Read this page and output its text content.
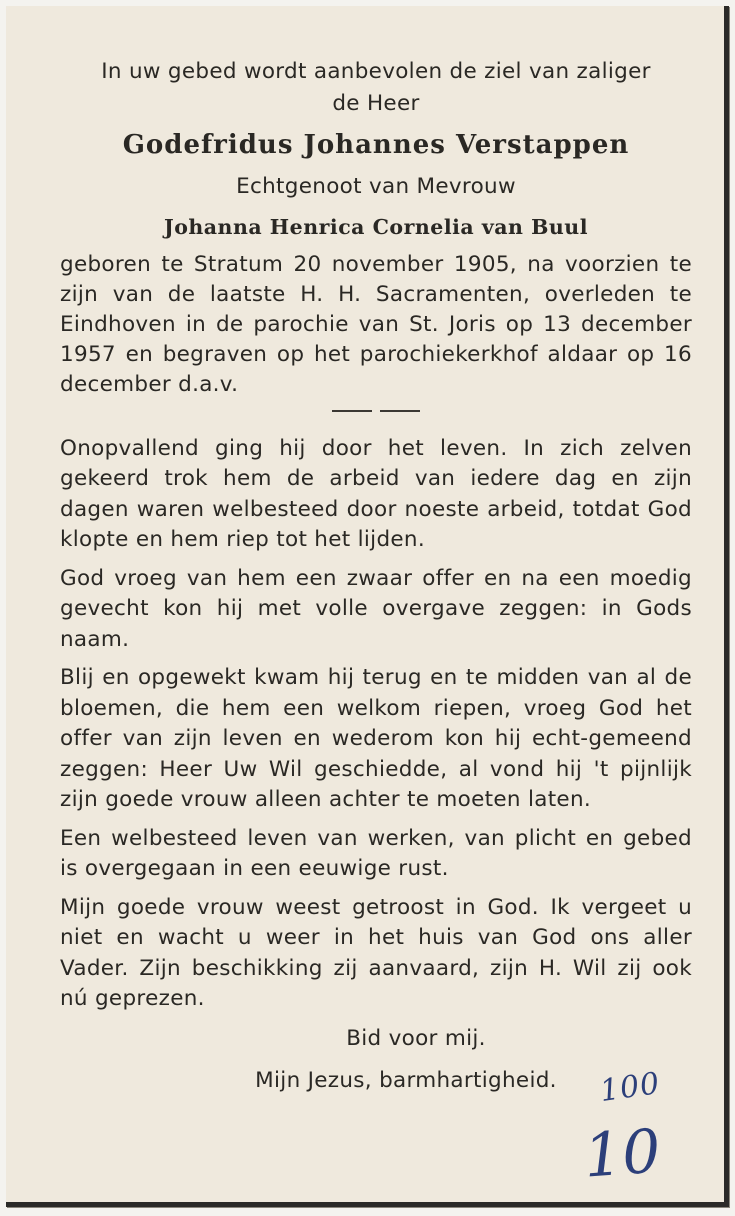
In uw gebed wordt aanbevolen de ziel van zaliger
de Heer
Godefridus Johannes Verstappen
Echtgenoot van Mevrouw
Johanna Henrica Cornelia van Buul
geboren te Stratum 20 november 1905, na voorzien te zijn van de laatste H. H. Sacramenten, overleden te Eindhoven in de parochie van St. Joris op 13 december 1957 en begraven op het parochiekerkhof aldaar op 16 december d.a.v.

Onopvallend ging hij door het leven. In zich zelven gekeerd trok hem de arbeid van iedere dag en zijn dagen waren welbesteed door noeste arbeid, totdat God klopte en hem riep tot het lijden.

God vroeg van hem een zwaar offer en na een moedig gevecht kon hij met volle overgave zeggen: in Gods naam.

Blij en opgewekt kwam hij terug en te midden van al de bloemen, die hem een welkom riepen, vroeg God het offer van zijn leven en wederom kon hij echt-gemeend zeggen: Heer Uw Wil geschiedde, al vond hij 't pijnlijk zijn goede vrouw alleen achter te moeten laten.

Een welbesteed leven van werken, van plicht en gebed is overgegaan in een eeuwige rust.

Mijn goede vrouw weest getroost in God. Ik vergeet u niet en wacht u weer in het huis van God ons aller Vader. Zijn beschikking zij aanvaard, zijn H. Wil zij ook nú geprezen.

Bid voor mij.
Mijn Jezus, barmhartigheid.	100
10
